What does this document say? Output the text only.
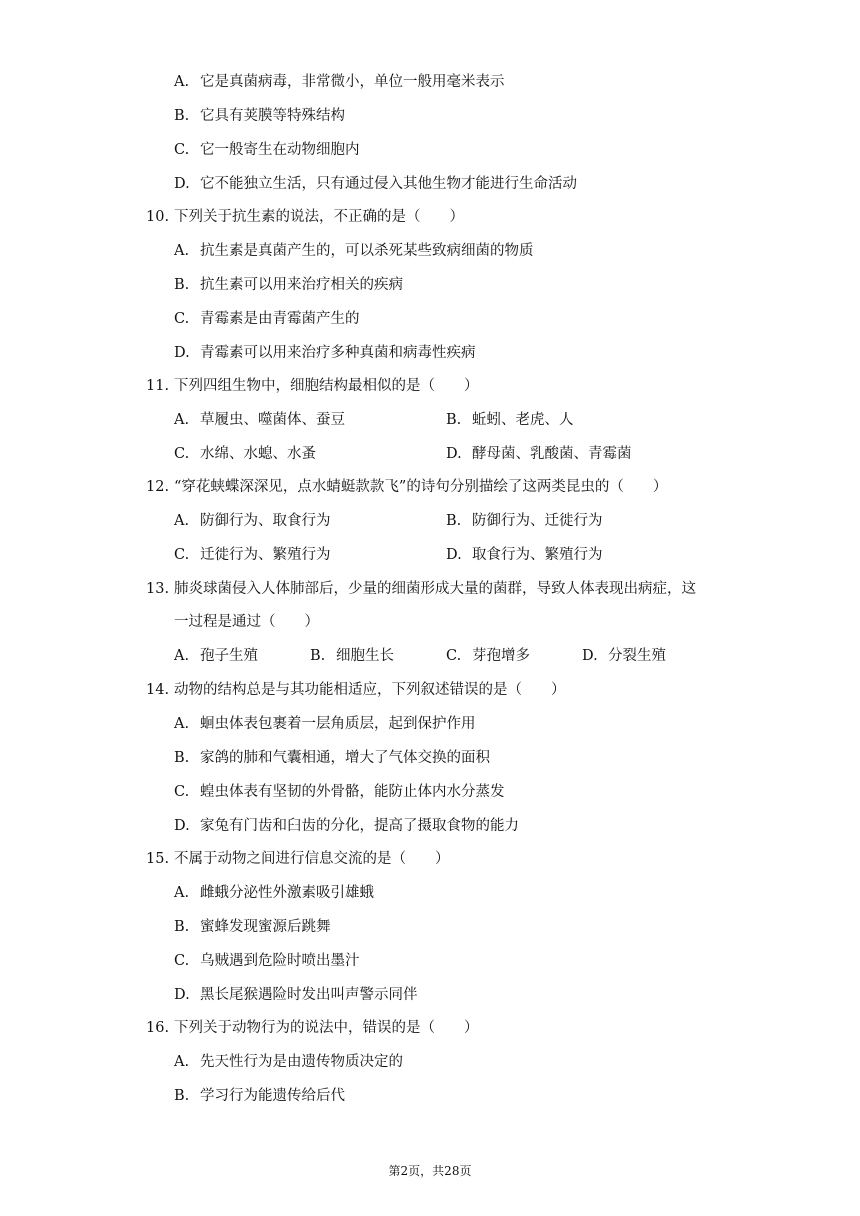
A. 它是真菌病毒，非常微小，单位一般用毫米表示
B. 它具有荚膜等特殊结构
C. 它一般寄生在动物细胞内
D. 它不能独立生活，只有通过侵入其他生物才能进行生命活动
10. 下列关于抗生素的说法，不正确的是（　　）
A. 抗生素是真菌产生的，可以杀死某些致病细菌的物质
B. 抗生素可以用来治疗相关的疾病
C. 青霉素是由青霉菌产生的
D. 青霉素可以用来治疗多种真菌和病毒性疾病
11. 下列四组生物中，细胞结构最相似的是（　　）
A. 草履虫、噬菌体、蚕豆	B. 蚯蚓、老虎、人
C. 水绵、水螅、水蚤	D. 酵母菌、乳酸菌、青霉菌
12. “穿花蛱蝶深深见，点水蜻蜓款款飞”的诗句分别描绘了这两类昆虫的（　　）
A. 防御行为、取食行为	B. 防御行为、迁徙行为
C. 迁徙行为、繁殖行为	D. 取食行为、繁殖行为
13. 肺炎球菌侵入人体肺部后，少量的细菌形成大量的菌群，导致人体表现出病症，这
一过程是通过（　　）
A. 孢子生殖	B. 细胞生长	C. 芽孢增多	D. 分裂生殖
14. 动物的结构总是与其功能相适应，下列叙述错误的是（　　）
A. 蛔虫体表包裹着一层角质层，起到保护作用
B. 家鸽的肺和气囊相通，增大了气体交换的面积
C. 蝗虫体表有坚韧的外骨骼，能防止体内水分蒸发
D. 家兔有门齿和臼齿的分化，提高了摄取食物的能力
15. 不属于动物之间进行信息交流的是（　　）
A. 雌蛾分泌性外激素吸引雄蛾
B. 蜜蜂发现蜜源后跳舞
C. 乌贼遇到危险时喷出墨汁
D. 黑长尾猴遇险时发出叫声警示同伴
16. 下列关于动物行为的说法中，错误的是（　　）
A. 先天性行为是由遗传物质决定的
B. 学习行为能遗传给后代
第2页，共28页
